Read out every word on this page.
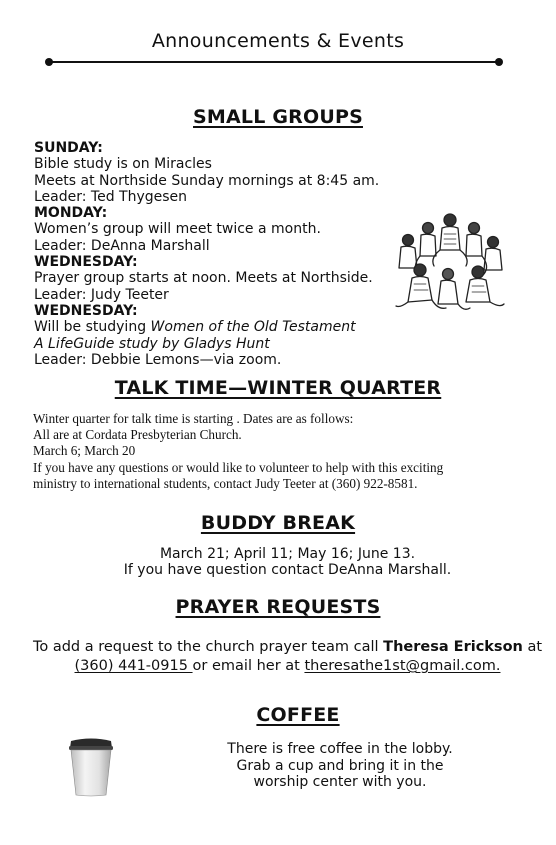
Announcements & Events
SMALL GROUPS
SUNDAY:
Bible study is on Miracles
Meets at Northside Sunday mornings at 8:45 am.
Leader: Ted Thygesen
MONDAY:
Women’s group will meet twice a month.
Leader: DeAnna Marshall
WEDNESDAY:
Prayer group starts at noon. Meets at Northside.
Leader: Judy Teeter
WEDNESDAY:
Will be studying Women of the Old Testament
A LifeGuide study by Gladys Hunt
Leader: Debbie Lemons—via zoom.
TALK TIME—WINTER QUARTER
Winter quarter for talk time is starting . Dates are as follows:
All are at Cordata Presbyterian Church.
March 6; March 20
If you have any questions or would like to volunteer to help with this exciting
ministry to international students, contact Judy Teeter at (360) 922-8581.
BUDDY BREAK
March 21; April 11; May 16; June 13.
If you have question contact DeAnna Marshall.
PRAYER REQUESTS
To add a request to the church prayer team call Theresa Erickson at
(360) 441-0915 or email her at theresathe1st@gmail.com.
COFFEE
There is free coffee in the lobby.
Grab a cup and bring it in the
worship center with you.
